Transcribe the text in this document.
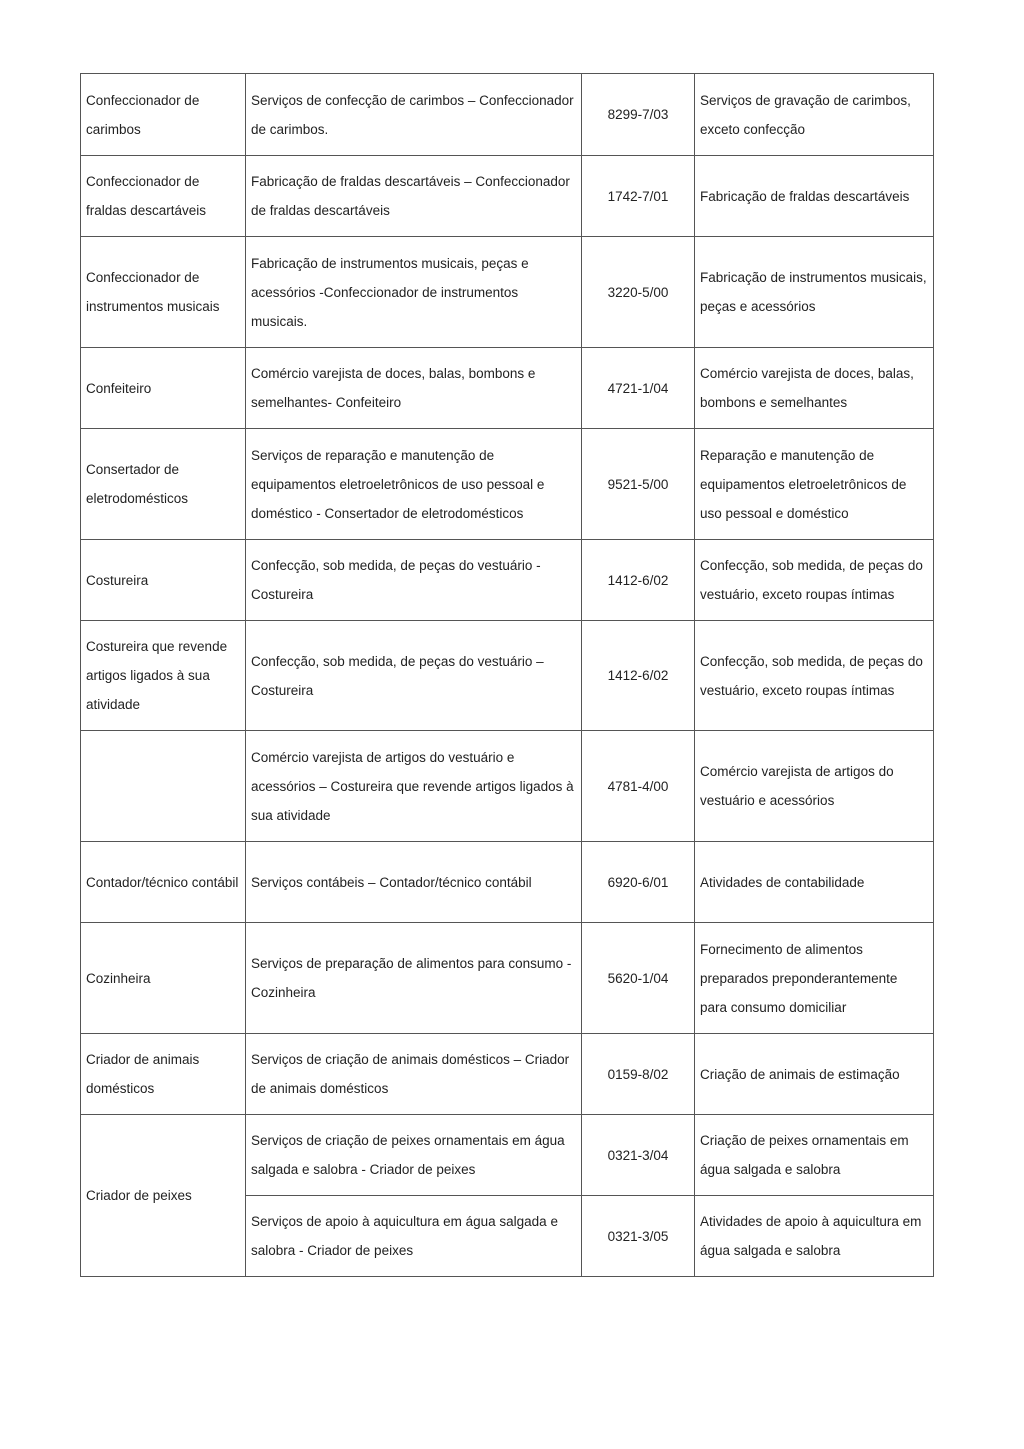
Confeccionador de carimbos	Serviços de confecção de carimbos – Confeccionador de carimbos.	8299-7/03	Serviços de gravação de carimbos, exceto confecção
Confeccionador de fraldas descartáveis	Fabricação de fraldas descartáveis – Confeccionador de fraldas descartáveis	1742-7/01	Fabricação de fraldas descartáveis
Confeccionador de instrumentos musicais	Fabricação de instrumentos musicais, peças e acessórios -Confeccionador de instrumentos musicais.	3220-5/00	Fabricação de instrumentos musicais, peças e acessórios
Confeiteiro	Comércio varejista de doces, balas, bombons e semelhantes- Confeiteiro	4721-1/04	Comércio varejista de doces, balas, bombons e semelhantes
Consertador de eletrodomésticos	Serviços de reparação e manutenção de equipamentos eletroeletrônicos de uso pessoal e doméstico - Consertador de eletrodomésticos	9521-5/00	Reparação e manutenção de equipamentos eletroeletrônicos de uso pessoal e doméstico
Costureira	Confecção, sob medida, de peças do vestuário - Costureira	1412-6/02	Confecção, sob medida, de peças do vestuário, exceto roupas íntimas
Costureira que revende artigos ligados à sua atividade	Confecção, sob medida, de peças do vestuário – Costureira	1412-6/02	Confecção, sob medida, de peças do vestuário, exceto roupas íntimas
	Comércio varejista de artigos do vestuário e acessórios – Costureira que revende artigos ligados à sua atividade	4781-4/00	Comércio varejista de artigos do vestuário e acessórios
Contador/técnico contábil	Serviços contábeis – Contador/técnico contábil	6920-6/01	Atividades de contabilidade
Cozinheira	Serviços de preparação de alimentos para consumo - Cozinheira	5620-1/04	Fornecimento de alimentos preparados preponderantemente para consumo domiciliar
Criador de animais domésticos	Serviços de criação de animais domésticos – Criador de animais domésticos	0159-8/02	Criação de animais de estimação
Criador de peixes	Serviços de criação de peixes ornamentais em água salgada e salobra - Criador de peixes	0321-3/04	Criação de peixes ornamentais em água salgada e salobra
	Serviços de apoio à aquicultura em água salgada e salobra - Criador de peixes	0321-3/05	Atividades de apoio à aquicultura em água salgada e salobra
